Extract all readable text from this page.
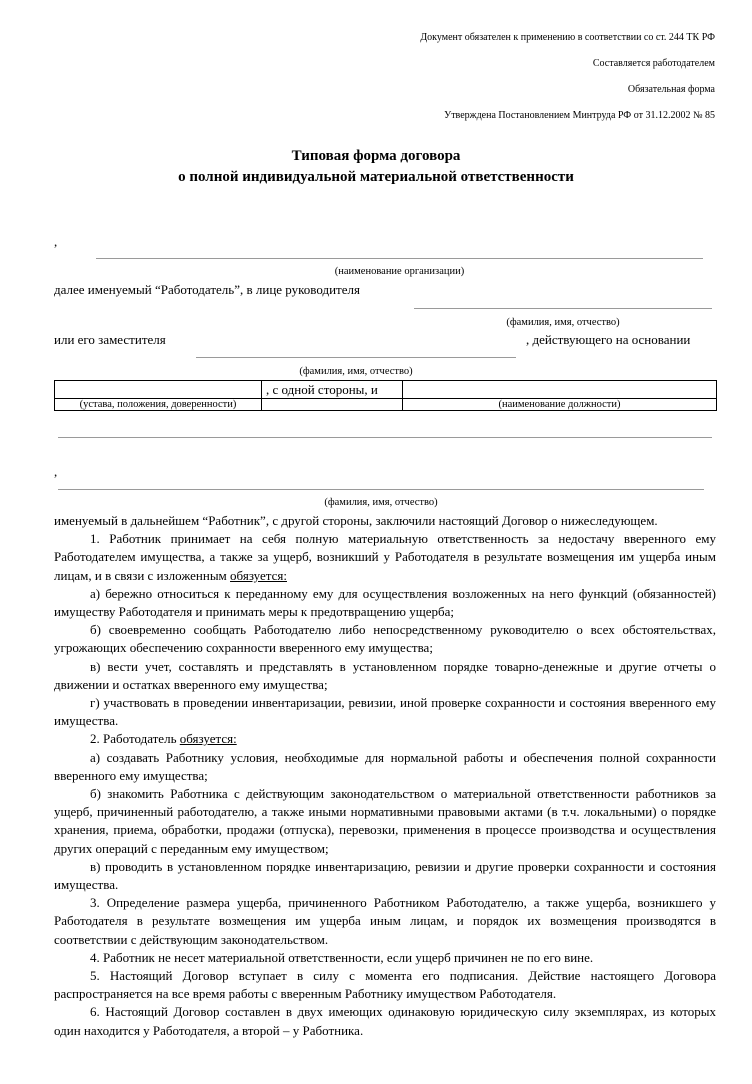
Документ обязателен к применению в соответствии со ст. 244 ТК РФ
Составляется работодателем
Обязательная форма
Утверждена Постановлением Минтруда РФ от 31.12.2002 № 85
Типовая форма договора
о полной индивидуальной материальной ответственности
,
(наименование организации)
далее именуемый “Работодатель”, в лице руководителя
(фамилия, имя, отчество)
или его заместителя	, действующего на основании
(фамилия, имя, отчество)
	, с одной стороны, и	
(устава, положения, доверенности)		(наименование должности)
,
(фамилия, имя, отчество)

именуемый в дальнейшем “Работник”, с другой стороны, заключили настоящий Договор о нижеследующем.

1. Работник принимает на себя полную материальную ответственность за недостачу вверенного ему Работодателем имущества, а также за ущерб, возникший у Работодателя в результате возмещения им ущерба иным лицам, и в связи с изложенным обязуется:

а) бережно относиться к переданному ему для осуществления возложенных на него функций (обязанностей) имуществу Работодателя и принимать меры к предотвращению ущерба;

б) своевременно сообщать Работодателю либо непосредственному руководителю о всех обстоятельствах, угрожающих обеспечению сохранности вверенного ему имущества;

в) вести учет, составлять и представлять в установленном порядке товарно-денежные и другие отчеты о движении и остатках вверенного ему имущества;

г) участвовать в проведении инвентаризации, ревизии, иной проверке сохранности и состояния вверенного ему имущества.

2. Работодатель обязуется:

а) создавать Работнику условия, необходимые для нормальной работы и обеспечения полной сохранности вверенного ему имущества;

б) знакомить Работника с действующим законодательством о материальной ответственности работников за ущерб, причиненный работодателю, а также иными нормативными правовыми актами (в т.ч. локальными) о порядке хранения, приема, обработки, продажи (отпуска), перевозки, применения в процессе производства и осуществления других операций с переданным ему имуществом;

в) проводить в установленном порядке инвентаризацию, ревизии и другие проверки сохранности и состояния имущества.

3. Определение размера ущерба, причиненного Работником Работодателю, а также ущерба, возникшего у Работодателя в результате возмещения им ущерба иным лицам, и порядок их возмещения производятся в соответствии с действующим законодательством.

4. Работник не несет материальной ответственности, если ущерб причинен не по его вине.

5. Настоящий Договор вступает в силу с момента его подписания. Действие настоящего Договора распространяется на все время работы с вверенным Работнику имуществом Работодателя.

6. Настоящий Договор составлен в двух имеющих одинаковую юридическую силу экземплярах, из которых один находится у Работодателя, а второй – у Работника.
